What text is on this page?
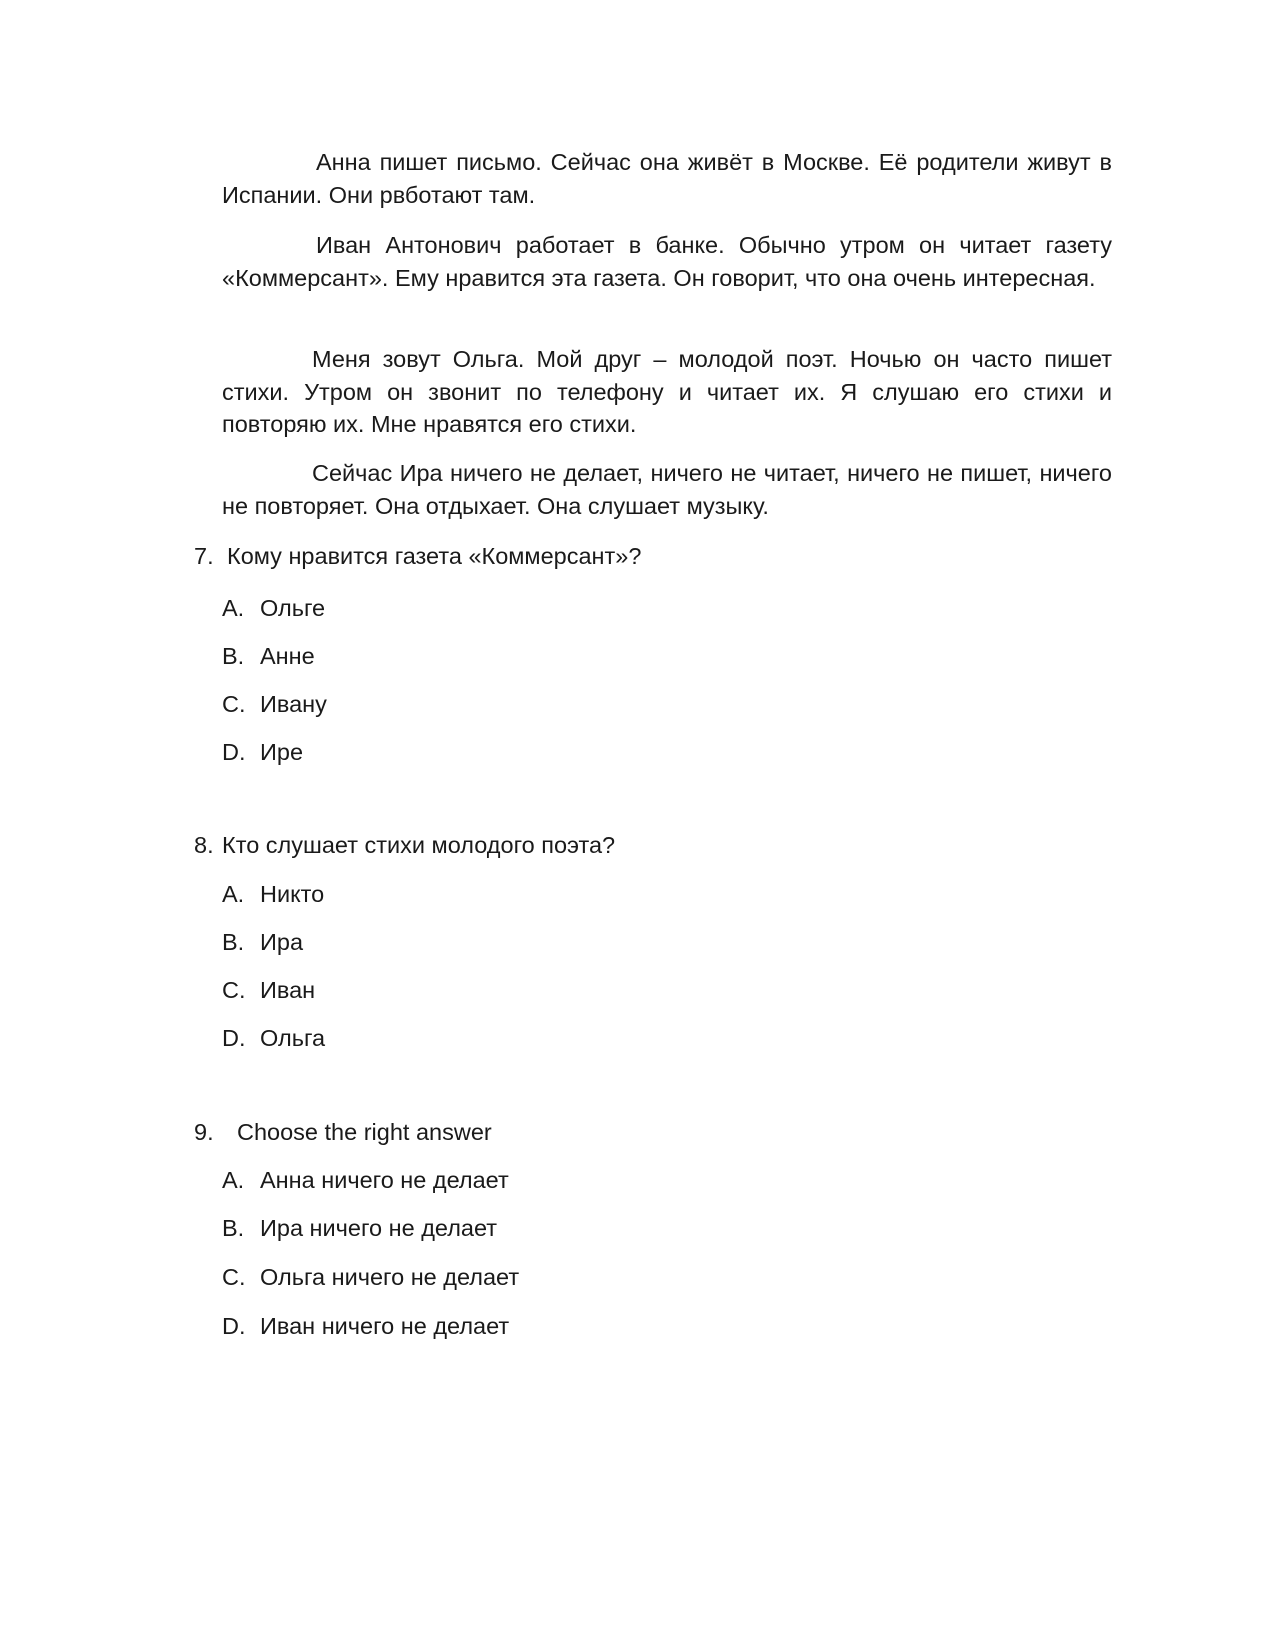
Анна пишет письмо. Сейчас она живёт в Москве. Её родители живут в Испании. Они рвботают там.

Иван Антонович работает в банке. Обычно утром он читает газету «Коммерсант». Ему нравится эта газета. Он говорит, что она очень интересная.

Меня зовут Ольга. Мой друг – молодой поэт. Ночью он часто пишет стихи. Утром он звонит по телефону и читает их. Я слушаю его стихи и повторяю их. Мне нравятся его стихи.

Сейчас Ира ничего не делает, ничего не читает, ничего не пишет, ничего не повторяет. Она отдыхает. Она слушает музыку.

7. Кому нравится газета «Коммерсант»?
A. Ольге
B. Анне
C. Ивану
D. Ире
8. Кто слушает стихи молодого поэта?
A. Никто
B. Ира
C. Иван
D. Ольга
9. Choose the right answer
A. Анна ничего не делает
B. Ира ничего не делает
C. Ольга ничего не делает
D. Иван ничего не делает
